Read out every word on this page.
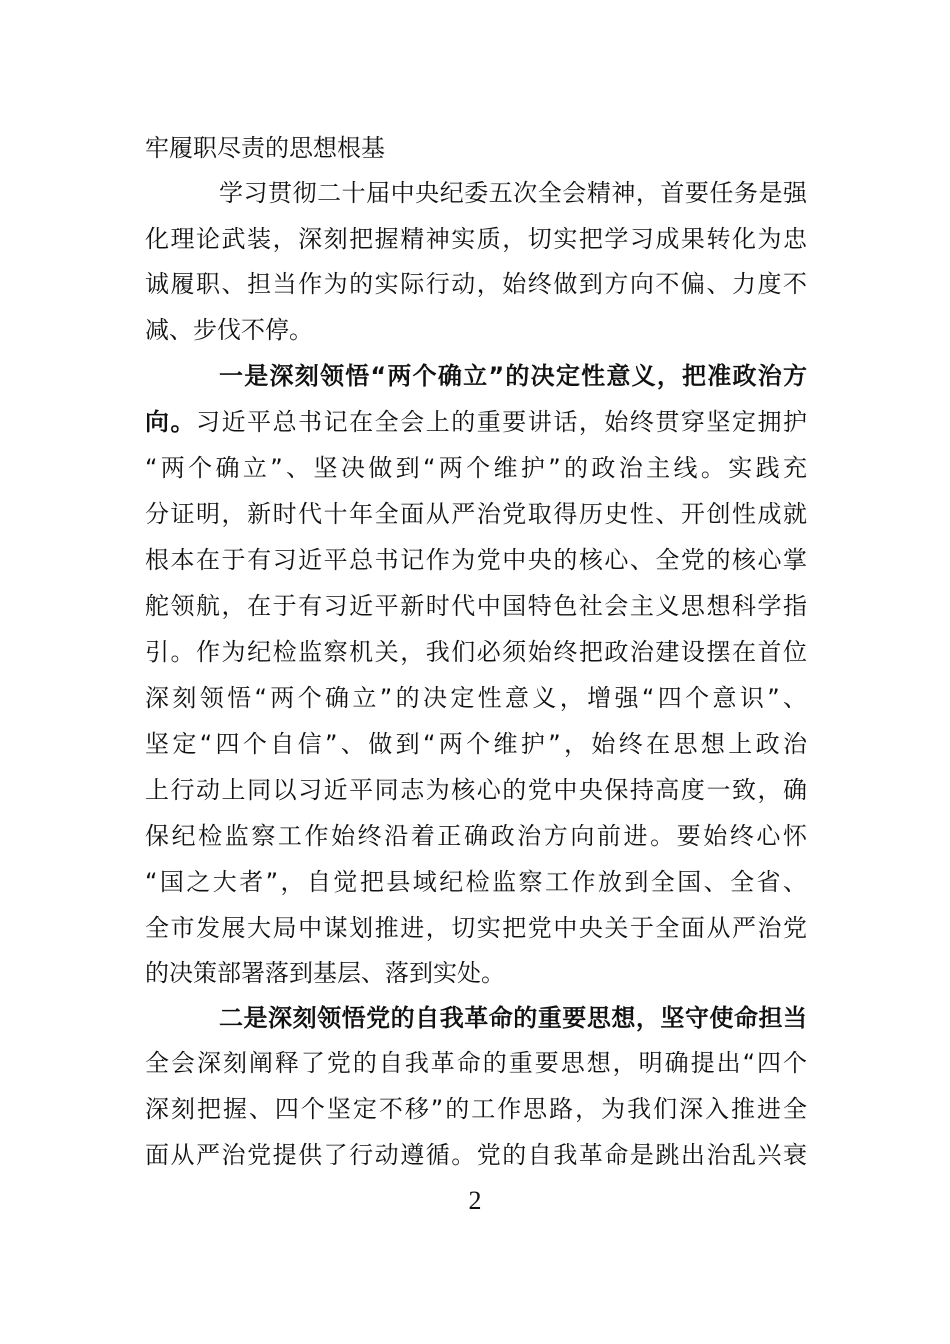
牢履职尽责的思想根基
学习贯彻二十届中央纪委五次全会精神，首要任务是强
化理论武装，深刻把握精神实质，切实把学习成果转化为忠
诚履职、担当作为的实际行动，始终做到方向不偏、力度不
减、步伐不停。
一是深刻领悟“两个确立”的决定性意义，把准政治方
向。习近平总书记在全会上的重要讲话，始终贯穿坚定拥护
“两个确立”、坚决做到“两个维护”的政治主线。实践充
分证明，新时代十年全面从严治党取得历史性、开创性成就
根本在于有习近平总书记作为党中央的核心、全党的核心掌
舵领航，在于有习近平新时代中国特色社会主义思想科学指
引。作为纪检监察机关，我们必须始终把政治建设摆在首位
深刻领悟“两个确立”的决定性意义，增强“四个意识”、
坚定“四个自信”、做到“两个维护”，始终在思想上政治
上行动上同以习近平同志为核心的党中央保持高度一致，确
保纪检监察工作始终沿着正确政治方向前进。要始终心怀
“国之大者”，自觉把县域纪检监察工作放到全国、全省、
全市发展大局中谋划推进，切实把党中央关于全面从严治党
的决策部署落到基层、落到实处。
二是深刻领悟党的自我革命的重要思想，坚守使命担当
全会深刻阐释了党的自我革命的重要思想，明确提出“四个
深刻把握、四个坚定不移”的工作思路，为我们深入推进全
面从严治党提供了行动遵循。党的自我革命是跳出治乱兴衰
2
